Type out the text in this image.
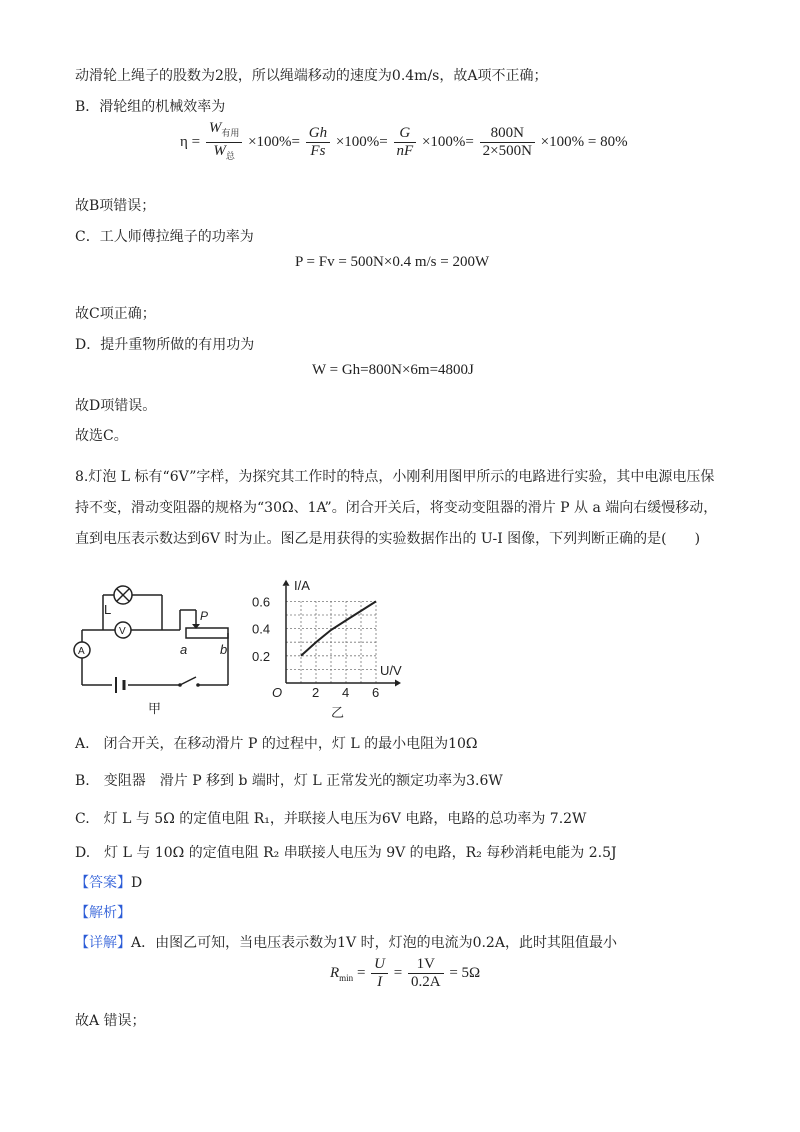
动滑轮上绳子的股数为2股，所以绳端移动的速度为0.4m/s，故A项不正确；
B．滑轮组的机械效率为
$\eta = \frac{W_{有用}}{W_总} \times 100\%= \frac{Gh}{Fs} \times 100\%= \frac{G}{nF} \times 100\%= \frac{800N}{2\times 500N} \times 100\% = 80\%$
故B项错误；
C．工人师傅拉绳子的功率为
P = Fv = 500N×0.4 m/s = 200W
故C项正确；
D．提升重物所做的有用功为
W = Gh=800N×6m=4800J
故D项错误。
故选C。
8.灯泡 L 标有“6V”字样，为探究其工作时的特点，小刚利用图甲所示的电路进行实验，其中电源电压保
持不变，滑动变阻器的规格为“30Ω、1A”。闭合开关后，将变动变阻器的滑片 P 从 a 端向右缓慢移动，
直到电压表示数达到6V 时为止。图乙是用获得的实验数据作出的 U-I 图像，下列判断正确的是(　　)
L
V
A
P
a	b
甲
2 4 6
0.2
0.4
0.6
I/A
U/V
O
乙
A.　闭合开关，在移动滑片 P 的过程中，灯 L 的最小电阻为10Ω
B.　变阻器　滑片 P 移到 b 端时，灯 L 正常发光的额定功率为3.6W
C.　灯 L 与 5Ω 的定值电阻 R₁，并联接人电压为6V 电路，电路的总功率为 7.2W
D.　灯 L 与 10Ω 的定值电阻 R₂ 串联接人电压为 9V 的电路，R₂ 每秒消耗电能为 2.5J
【答案】D
【解析】
【详解】A．由图乙可知，当电压表示数为1V 时，灯泡的电流为0.2A，此时其阻值最小
$R_{min} = \frac{U}{I} = \frac{1V}{0.2A} = 5\Omega$
故A 错误；
